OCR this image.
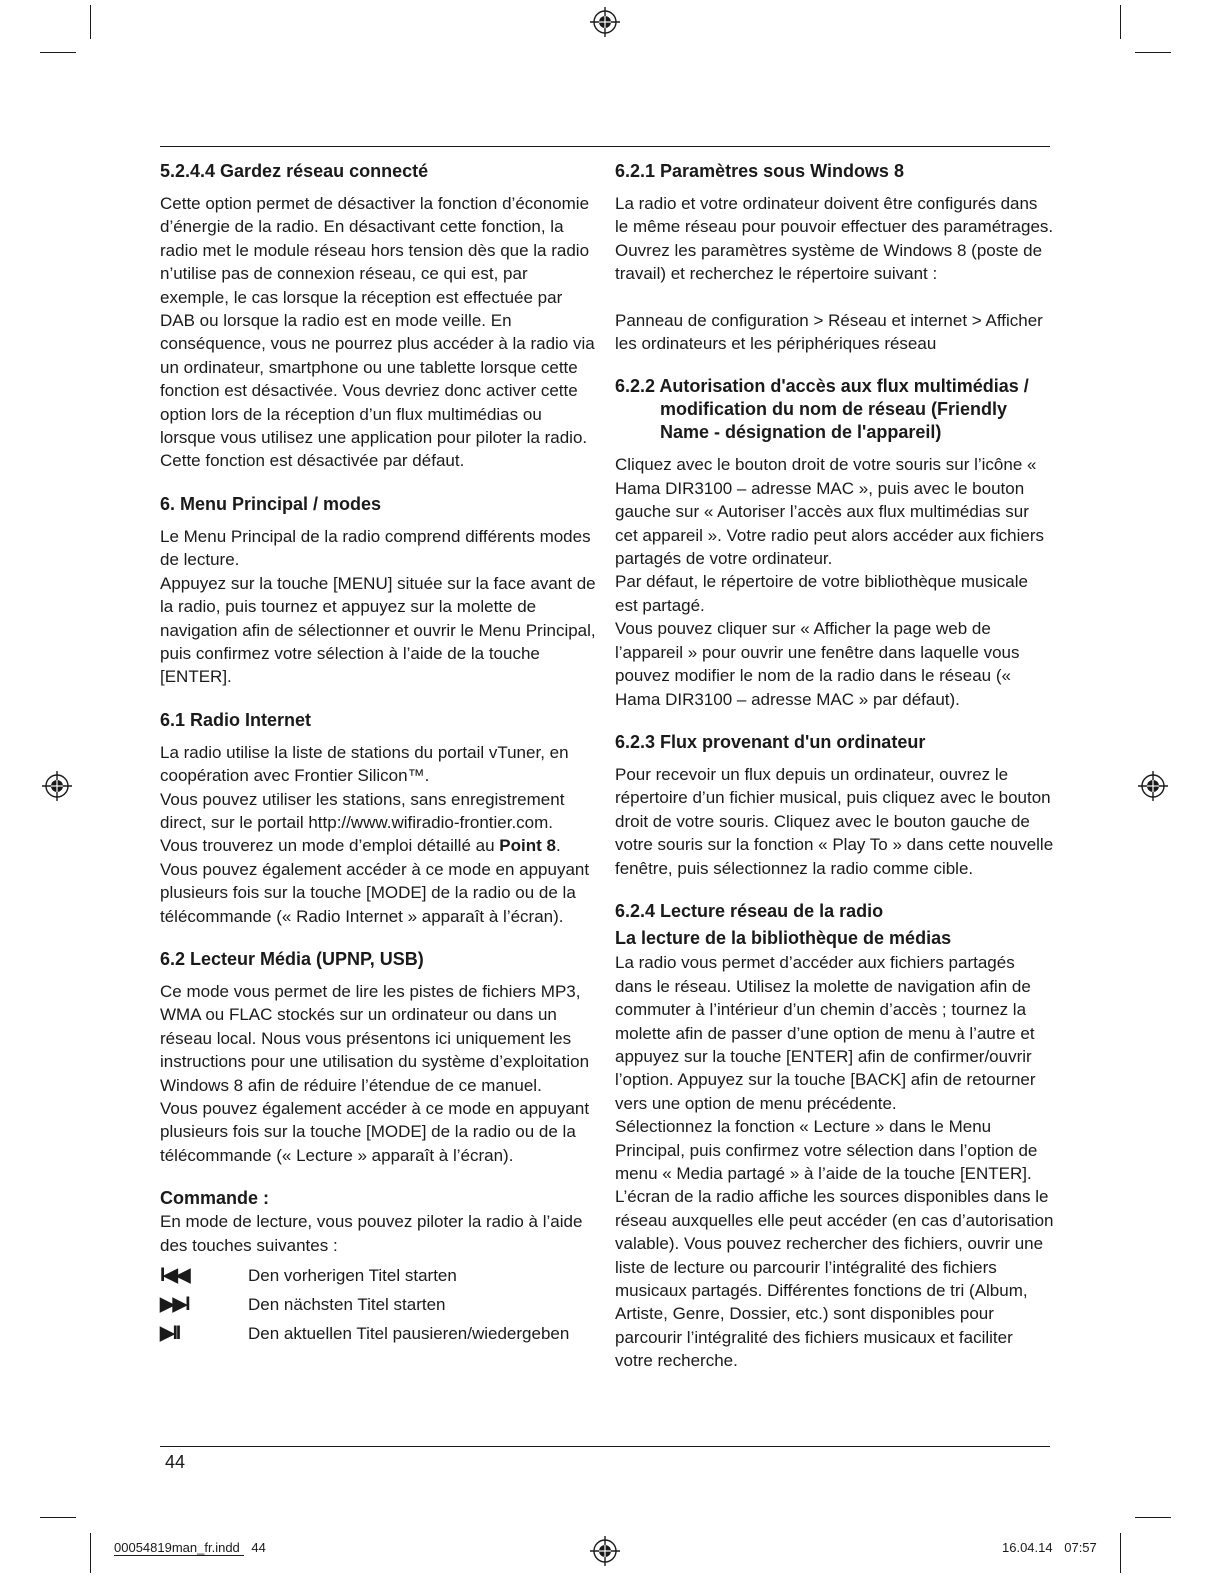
5.2.4.4 Gardez réseau connecté

Cette option permet de désactiver la fonction d’économie d’énergie de la radio. En désactivant cette fonction, la radio met le module réseau hors tension dès que la radio n’utilise pas de connexion réseau, ce qui est, par exemple, le cas lorsque la réception est effectuée par DAB ou lorsque la radio est en mode veille. En conséquence, vous ne pourrez plus accéder à la radio via un ordinateur, smartphone ou une tablette lorsque cette fonction est désactivée. Vous devriez donc activer cette option lors de la réception d’un flux multimédias ou lorsque vous utilisez une application pour piloter la radio. Cette fonction est désactivée par défaut.

6. Menu Principal / modes

Le Menu Principal de la radio comprend différents modes de lecture.

Appuyez sur la touche [MENU] située sur la face avant de la radio, puis tournez et appuyez sur la molette de navigation afin de sélectionner et ouvrir le Menu Principal, puis confirmez votre sélection à l’aide de la touche [ENTER].

6.1 Radio Internet

La radio utilise la liste de stations du portail vTuner, en coopération avec Frontier Silicon™.

Vous pouvez utiliser les stations, sans enregistrement direct, sur le portail http://www.wifiradio-frontier.com.

Vous trouverez un mode d’emploi détaillé au Point 8.

Vous pouvez également accéder à ce mode en appuyant plusieurs fois sur la touche [MODE] de la radio ou de la télécommande (« Radio Internet » apparaît à l’écran).

6.2 Lecteur Média (UPNP, USB)

Ce mode vous permet de lire les pistes de fichiers MP3, WMA ou FLAC stockés sur un ordinateur ou dans un réseau local. Nous vous présentons ici uniquement les instructions pour une utilisation du système d’exploitation Windows 8 afin de réduire l’étendue de ce manuel.

Vous pouvez également accéder à ce mode en appuyant plusieurs fois sur la touche [MODE] de la radio ou de la télécommande (« Lecture » apparaît à l’écran).

Commande :

En mode de lecture, vous pouvez piloter la radio à l’aide des touches suivantes :

I◀◀	Den vorherigen Titel starten
▶▶I	Den nächsten Titel starten
▶II	Den aktuellen Titel pausieren/wiedergeben
6.2.1 Paramètres sous Windows 8

La radio et votre ordinateur doivent être configurés dans le même réseau pour pouvoir effectuer des paramétrages. Ouvrez les paramètres système de Windows 8 (poste de travail) et recherchez le répertoire suivant :

Panneau de configuration > Réseau et internet > Afficher les ordinateurs et les périphériques réseau

6.2.2 Autorisation d'accès aux flux multimédias / modification du nom de réseau (Friendly Name - désignation de l'appareil)

Cliquez avec le bouton droit de votre souris sur l’icône « Hama DIR3100 – adresse MAC », puis avec le bouton gauche sur « Autoriser l’accès aux flux multimédias sur cet appareil ». Votre radio peut alors accéder aux fichiers partagés de votre ordinateur.

Par défaut, le répertoire de votre bibliothèque musicale est partagé.

Vous pouvez cliquer sur « Afficher la page web de l’appareil » pour ouvrir une fenêtre dans laquelle vous pouvez modifier le nom de la radio dans le réseau (« Hama DIR3100 – adresse MAC » par défaut).

6.2.3 Flux provenant d'un ordinateur

Pour recevoir un flux depuis un ordinateur, ouvrez le répertoire d’un fichier musical, puis cliquez avec le bouton droit de votre souris. Cliquez avec le bouton gauche de votre souris sur la fonction « Play To » dans cette nouvelle fenêtre, puis sélectionnez la radio comme cible.

6.2.4 Lecture réseau de la radio
La lecture de la bibliothèque de médias

La radio vous permet d’accéder aux fichiers partagés dans le réseau. Utilisez la molette de navigation afin de commuter à l’intérieur d’un chemin d’accès ; tournez la molette afin de passer d’une option de menu à l’autre et appuyez sur la touche [ENTER] afin de confirmer/ouvrir l’option. Appuyez sur la touche [BACK] afin de retourner vers une option de menu précédente.

Sélectionnez la fonction « Lecture » dans le Menu Principal, puis confirmez votre sélection dans l’option de menu « Media partagé » à l’aide de la touche [ENTER]. L’écran de la radio affiche les sources disponibles dans le réseau auxquelles elle peut accéder (en cas d’autorisation valable). Vous pouvez rechercher des fichiers, ouvrir une liste de lecture ou parcourir l’intégralité des fichiers musicaux partagés. Différentes fonctions de tri (Album, Artiste, Genre, Dossier, etc.) sont disponibles pour parcourir l’intégralité des fichiers musicaux et faciliter votre recherche.

44
00054819man_fr.indd 44	16.04.14 07:57
